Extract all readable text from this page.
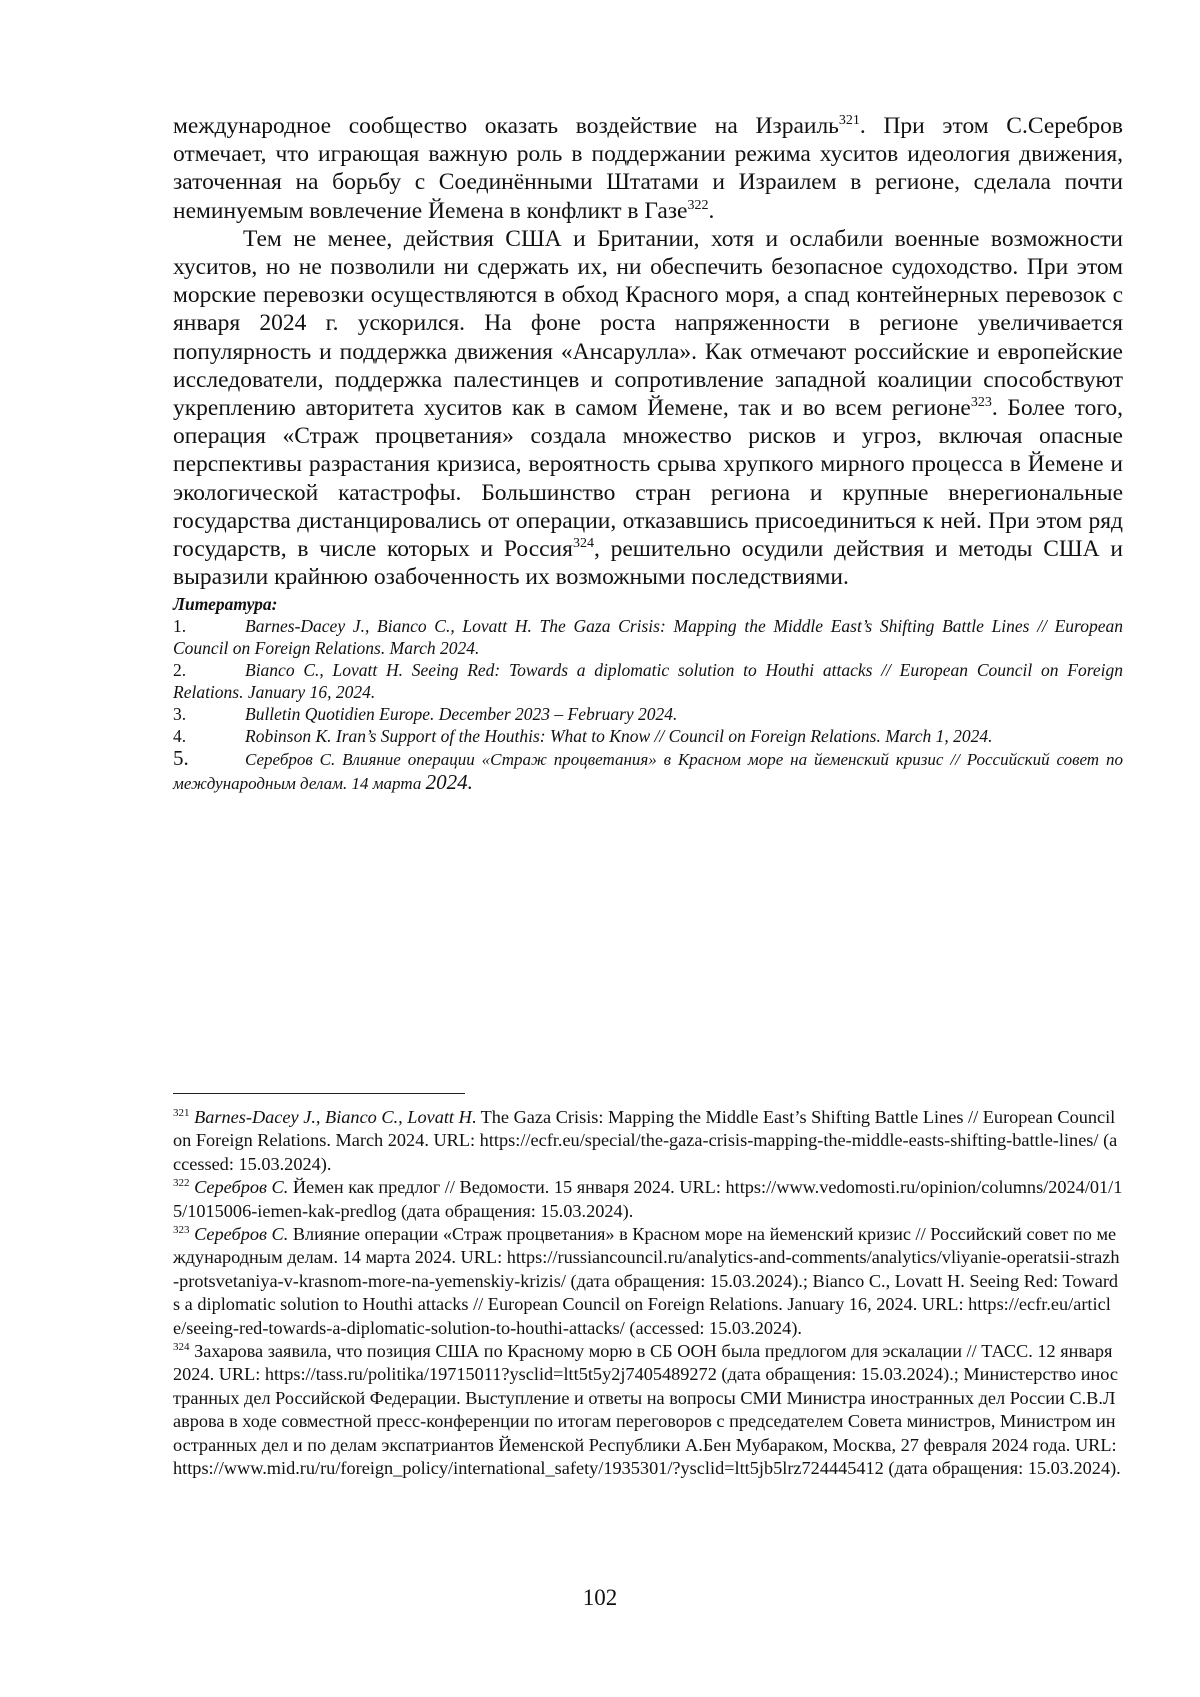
международное сообщество оказать воздействие на Израиль$^{321}$. При этом С.Серебров отмечает, что играющая важную роль в поддержании режима хуситов идеология движения, заточенная на борьбу с Соединёнными Штатами и Израилем в регионе, сделала почти неминуемым вовлечение Йемена в конфликт в Газе$^{322}$.

Тем не менее, действия США и Британии, хотя и ослабили военные возможности хуситов, но не позволили ни сдержать их, ни обеспечить безопасное судоходство. При этом морские перевозки осуществляются в обход Красного моря, а спад контейнерных перевозок с января 2024 г. ускорился. На фоне роста напряженности в регионе увеличивается популярность и поддержка движения «Ансарулла». Как отмечают российские и европейские исследователи, поддержка палестинцев и сопротивление западной коалиции способствуют укреплению авторитета хуситов как в самом Йемене, так и во всем регионе$^{323}$. Более того, операция «Страж процветания» создала множество рисков и угроз, включая опасные перспективы разрастания кризиса, вероятность срыва хрупкого мирного процесса в Йемене и экологической катастрофы. Большинство стран региона и крупные внерегиональные государства дистанцировались от операции, отказавшись присоединиться к ней. При этом ряд государств, в числе которых и Россия$^{324}$, решительно осудили действия и методы США и выразили крайнюю озабоченность их возможными последствиями.

Литература:
1.	Barnes-Dacey J., Bianco C., Lovatt H. The Gaza Crisis: Mapping the Middle East’s Shifting Battle Lines // European Council on Foreign Relations. March 2024.
2.	Bianco C., Lovatt H. Seeing Red: Towards a diplomatic solution to Houthi attacks // European Council on Foreign Relations. January 16, 2024.
3.	Bulletin Quotidien Europe. December 2023 – February 2024.
4.	Robinson K. Iran’s Support of the Houthis: What to Know // Council on Foreign Relations. March 1, 2024.
5.	Серебров С. Влияние операции «Страж процветания» в Красном море на йеменский кризис // Российский совет по международным делам. 14 марта 2024.

$^{321}$ Barnes-Dacey J., Bianco C., Lovatt H. The Gaza Crisis: Mapping the Middle East’s Shifting Battle Lines // European Council on Foreign Relations. March 2024. URL: https://ecfr.eu/special/the-gaza-crisis-mapping-the-middle-easts-shifting-battle-lines/ (accessed: 15.03.2024).

$^{322}$ Серебров С. Йемен как предлог // Ведомости. 15 января 2024. URL: https://www.vedomosti.ru/opinion/columns/2024/01/15/1015006-iemen-kak-predlog (дата обращения: 15.03.2024).

$^{323}$ Серебров С. Влияние операции «Страж процветания» в Красном море на йеменский кризис // Российский совет по международным делам. 14 марта 2024. URL: https://russiancouncil.ru/analytics-and-comments/analytics/vliyanie-operatsii-strazh-protsvetaniya-v-krasnom-more-na-yemenskiy-krizis/ (дата обращения: 15.03.2024).; Bianco C., Lovatt H. Seeing Red: Towards a diplomatic solution to Houthi attacks // European Council on Foreign Relations. January 16, 2024. URL: https://ecfr.eu/article/seeing-red-towards-a-diplomatic-solution-to-houthi-attacks/ (accessed: 15.03.2024).

$^{324}$ Захарова заявила, что позиция США по Красному морю в СБ ООН была предлогом для эскалации // ТАСС. 12 января 2024. URL: https://tass.ru/politika/19715011?ysclid=ltt5t5y2j7405489272 (дата обращения: 15.03.2024).; Министерство иностранных дел Российской Федерации. Выступление и ответы на вопросы СМИ Министра иностранных дел России С.В.Лаврова в ходе совместной пресс-конференции по итогам переговоров с председателем Совета министров, Министром иностранных дел и по делам экспатриантов Йеменской Республики А.Бен Мубараком, Москва, 27 февраля 2024 года. URL: https://www.mid.ru/ru/foreign_policy/international_safety/1935301/?ysclid=ltt5jb5lrz724445412 (дата обращения: 15.03.2024).

102
